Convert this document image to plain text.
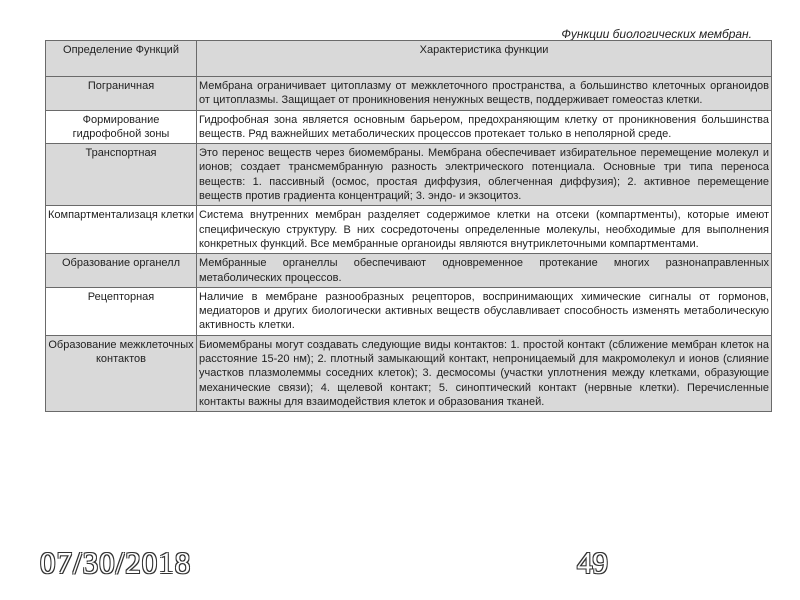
Функции биологических мембран.
Определение Функций	Характеристика функции
Пограничная	Мембрана ограничивает цитоплазму от межклеточного пространства, а большинство клеточных органоидов от цитоплазмы. Защищает от проникновения ненужных веществ, поддерживает гомеостаз клетки.
Формирование гидрофобной зоны	Гидрофобная зона является основным барьером, предохраняющим клетку от проникновения большинства веществ. Ряд важнейших метаболических процессов протекает только в неполярной среде.
Транспортная	Это перенос веществ через биомембраны. Мембрана обеспечивает избирательное перемещение молекул и ионов; создает трансмембранную разность электрического потенциала. Основные три типа переноса веществ: 1. пассивный (осмос, простая диффузия, облегченная диффузия); 2. активное перемещение веществ против градиента концентраций; 3. эндо- и экзоцитоз.
Компартментализаця клетки	Система внутренних мембран разделяет содержимое клетки на отсеки (компартменты), которые имеют специфическую структуру. В них сосредоточены определенные молекулы, необходимые для выполнения конкретных функций. Все мембранные органоиды являются внутриклеточными компартментами.
Образование органелл	Мембранные органеллы обеспечивают одновременное протекание многих разнонаправленных метаболических процессов.
Рецепторная	Наличие в мембране разнообразных рецепторов, воспринимающих химические сигналы от гормонов, медиаторов и других биологически активных веществ обуславливает способность изменять метаболическую активность клетки.
Образование межклеточных контактов	Биомембраны могут создавать следующие виды контактов: 1. простой контакт (сближение мембран клеток на расстояние 15-20 нм); 2. плотный замыкающий контакт, непроницаемый для макромолекул и ионов (слияние участков плазмолеммы соседних клеток); 3. десмосомы (участки уплотнения между клетками, образующие механические связи); 4. щелевой контакт; 5. синоптический контакт (нервные клетки). Перечисленные контакты важны для взаимодействия клеток и образования тканей.
07/30/2018	49
